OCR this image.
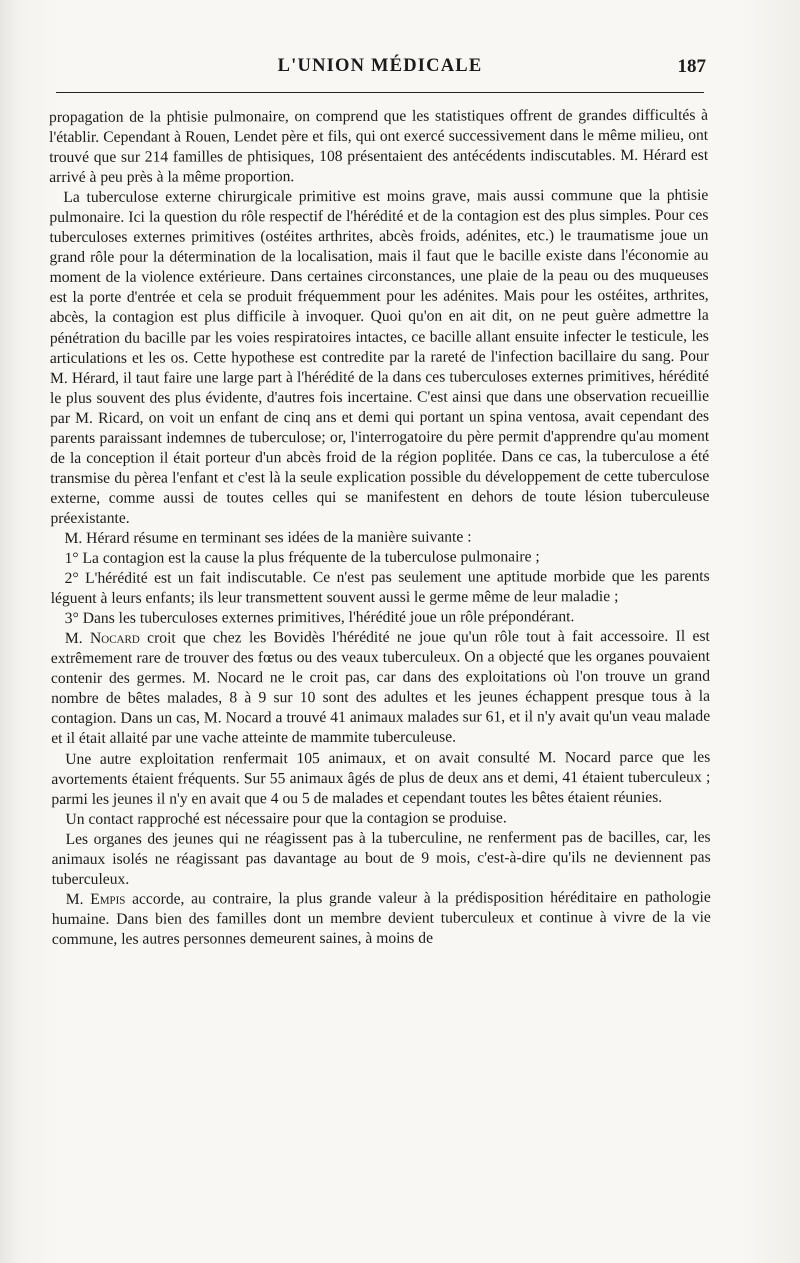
L'UNION MÉDICALE	187

propagation de la phtisie pulmonaire, on comprend que les statistiques offrent de grandes difficultés à l'établir. Cependant à Rouen, Lendet père et fils, qui ont exercé successivement dans le même milieu, ont trouvé que sur 214 familles de phtisiques, 108 présentaient des antécédents indiscutables. M. Hérard est arrivé à peu près à la même proportion.

La tuberculose externe chirurgicale primitive est moins grave, mais aussi commune que la phtisie pulmonaire. Ici la question du rôle respectif de l'hérédité et de la contagion est des plus simples. Pour ces tuberculoses externes primitives (ostéites arthrites, abcès froids, adénites, etc.) le traumatisme joue un grand rôle pour la détermination de la localisation, mais il faut que le bacille existe dans l'économie au moment de la violence extérieure. Dans certaines circonstances, une plaie de la peau ou des muqueuses est la porte d'entrée et cela se produit fréquemment pour les adénites. Mais pour les ostéites, arthrites, abcès, la contagion est plus difficile à invoquer. Quoi qu'on en ait dit, on ne peut guère admettre la pénétration du bacille par les voies respiratoires intactes, ce bacille allant ensuite infecter le testicule, les articulations et les os. Cette hypothese est contredite par la rareté de l'infection bacillaire du sang. Pour M. Hérard, il taut faire une large part à l'hérédité de la dans ces tuberculoses externes primitives, hérédité le plus souvent des plus évidente, d'autres fois incertaine. C'est ainsi que dans une observation recueillie par M. Ricard, on voit un enfant de cinq ans et demi qui portant un spina ventosa, avait cependant des parents paraissant indemnes de tuberculose; or, l'interrogatoire du père permit d'apprendre qu'au moment de la conception il était porteur d'un abcès froid de la région poplitée. Dans ce cas, la tuberculose a été transmise du pèrea l'enfant et c'est là la seule explication possible du développement de cette tuberculose externe, comme aussi de toutes celles qui se manifestent en dehors de toute lésion tuberculeuse préexistante.

M. Hérard résume en terminant ses idées de la manière suivante :

1° La contagion est la cause la plus fréquente de la tuberculose pulmonaire ;

2° L'hérédité est un fait indiscutable. Ce n'est pas seulement une aptitude morbide que les parents léguent à leurs enfants; ils leur transmettent souvent aussi le germe même de leur maladie ;

3° Dans les tuberculoses externes primitives, l'hérédité joue un rôle prépondérant.

M. Nocard croit que chez les Bovidès l'hérédité ne joue qu'un rôle tout à fait accessoire. Il est extrêmement rare de trouver des fœtus ou des veaux tuberculeux. On a objecté que les organes pouvaient contenir des germes. M. Nocard ne le croit pas, car dans des exploitations où l'on trouve un grand nombre de bêtes malades, 8 à 9 sur 10 sont des adultes et les jeunes échappent presque tous à la contagion. Dans un cas, M. Nocard a trouvé 41 animaux malades sur 61, et il n'y avait qu'un veau malade et il était allaité par une vache atteinte de mammite tuberculeuse.

Une autre exploitation renfermait 105 animaux, et on avait consulté M. Nocard parce que les avortements étaient fréquents. Sur 55 animaux âgés de plus de deux ans et demi, 41 étaient tuberculeux ; parmi les jeunes il n'y en avait que 4 ou 5 de malades et cependant toutes les bêtes étaient réunies.

Un contact rapproché est nécessaire pour que la contagion se produise.

Les organes des jeunes qui ne réagissent pas à la tuberculine, ne renferment pas de bacilles, car, les animaux isolés ne réagissant pas davantage au bout de 9 mois, c'est-à-dire qu'ils ne deviennent pas tuberculeux.

M. Empis accorde, au contraire, la plus grande valeur à la prédisposition héréditaire en pathologie humaine. Dans bien des familles dont un membre devient tuberculeux et continue à vivre de la vie commune, les autres personnes demeurent saines, à moins de
